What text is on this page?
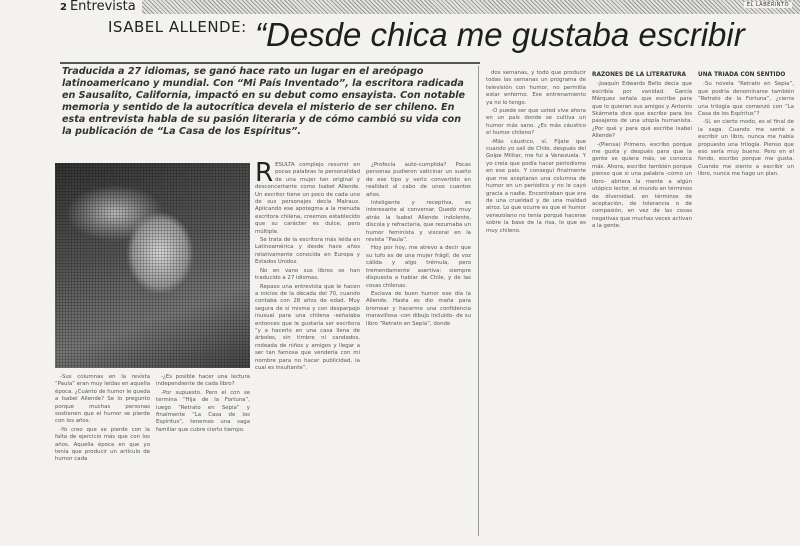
2 Entrevista	EL LABERINTO
ISABEL ALLENDE: “Desde chica me gustaba escribir
Traducida a 27 idiomas, se ganó hace rato un lugar en el areópago latinoamericano y mundial. Con “Mi País Inventado”, la escritora radicada en Sausalito, California, impactó en su debut como ensayista. Con notable memoria y sentido de la autocrítica devela el misterio de ser chileno. En esta entrevista habla de su pasión literaria y de cómo cambió su vida con la publicación de “La Casa de los Espíritus”.
R ESULTA complejo resumir en pocas palabras la personalidad de una mujer tan original y desconcertante como Isabel Allende. Un escritor tiene un poco de cada uno de sus personajes decía Malraux. Aplicando ese apotegma a la menuda escritora chilena, creemos establecido que su carácter es dulce, pero múltiple.

Se trata de la escritora más leída en Latinoamérica y desde hace años relativamente conocida en Europa y Estados Unidos.

No en vano sus libros se han traducido a 27 idiomas.

Repaso una entrevista que le hacen a inicios de la década del 70, cuando contaba con 28 años de edad. Muy segura de sí misma y con desparpajo inusual para una chilena -señalaba entonces que le gustaría ser escritora “y a hacerlo en una casa llena de árboles, sin timbre ni candados, rodeada de niños y amigos y llegar a ser tan famosa que vendería con mi nombre para no hacer publicidad, la cual es insultante”.

¿Profecía auto-cumplida? Pocas personas pudieron vaticinar un sueño de ese tipo y verlo convertido en realidad al cabo de unos cuantos años.

Inteligente y receptiva, es interesante al conversar. Quedó muy atrás la Isabel Allende indolente, díscola y refractaria, que rezumaba un humor feminista y visceral en la revista “Paula”.

Hoy por hoy, me atrevo a decir que su tufo es de una mujer frágil, de voz cálida y algo trémula, pero tremendamente asertiva; siempre dispuesta a hablar de Chile, y de las cosas chilenas.

Esclava de buen humor ese día la Allende. Hasta es dio maña para bromear y hacerme una confidencia maravillosa -con dibujo incluido- de su libro “Retrato en Sepia”, donde

-Sus columnas en la revista “Paula” eran muy leídas en aquella época. ¿Cuánto de humor le queda a Isabel Allende? Se lo pregunto porque muchas personas sostienen que el humor se pierde con los años.

-Yo creo que se pierde con la falta de ejercicio más que con los años. Aquella época en que yo tenía que producir un artículo de humor cada

-¿Es posible hacer una lectura independiente de cada libro?

-Por supuesto. Pero el con se termina “Hija de la Fortuna”, luego “Retrato en Sepia” y finalmente “La Casa de los Espíritus”, tenemos una saga familiar que cubre cierto tiempo.

dos semanas, y todo que producir todas las semanas un programa de televisión con humor, no permitía estar enfermo. Ese entrenamiento ya no lo tengo.

-O puede ser que usted vive ahora en un país donde se cultiva un humor más sano. ¿Es más cáustico el humor chileno?

-Más cáustico, sí. Fíjate que cuando yo salí de Chile, después del Golpe Militar, me fui a Venezuela. Y yo creía que podía hacer periodismo en ese país. Y conseguí finalmente que me aceptaran una columna de humor en un periódico y no le cayó gracia a nadie. Encontraban que era de una crueldad y de una maldad atroz. Lo que ocurre es que el humor venezolano no tenía porqué hacerse sobre la base de la risa, lo que es muy chileno.

RAZONES DE LA LITERATURA

-Joaquín Edwards Bello decía que escribía por vanidad. García Márquez señala que escribe para que lo quieran sus amigos y Antonio Skármeta dice que escribe para los pasajeros de una utopía humanista. ¿Por qué y para qué escribe Isabel Allende?

-(Piensa) Primero, escribo porque me gusta y después para que la gente se quiera más, se conozca más. Ahora, escribo también porque pienso que si una palabra -como un libro- abriera la mente a algún utópico lector, el mundo en términos de diversidad, en términos de aceptación, de tolerancia o de compasión, en vez de las cosas negativas que muchas veces activan a la gente.

UNA TRIADA CON SENTIDO

-Su novela “Retrato en Sepia”, que podría denominarse también “Retrato de la Fortuna”, ¿cierra una trilogía que comenzó con “La Casa de los Espíritus”?

-Sí, en cierto modo, es el final de la saga. Cuando me senté a escribir un libro, nunca me había propuesto una trilogía. Pienso que eso sería muy bueno. Pero en el fondo, escribo porque me gusta. Cuando me siento a escribir un libro, nunca me hago un plan.
